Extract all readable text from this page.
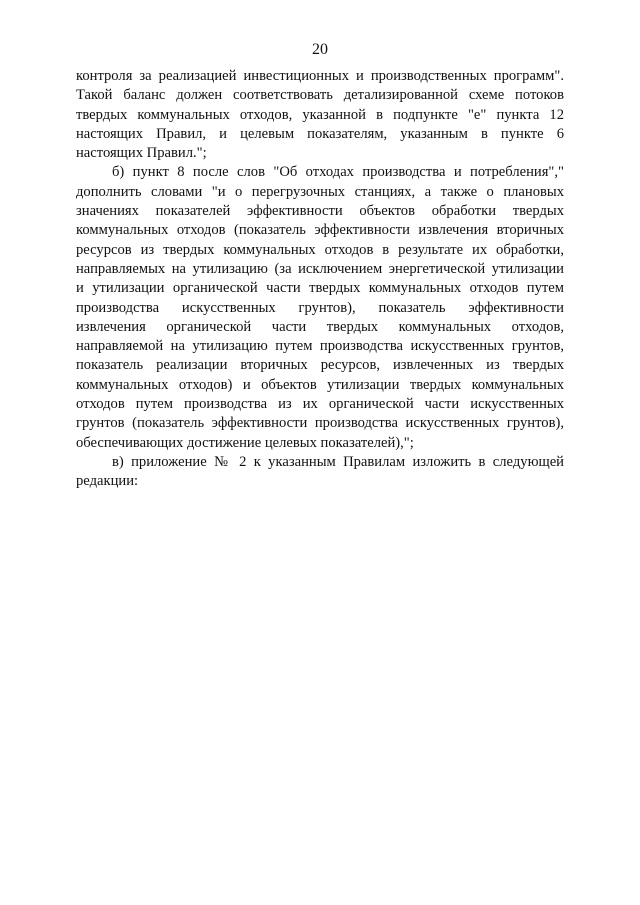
20
контроля за реализацией инвестиционных и производственных программ".
Такой баланс должен соответствовать детализированной схеме потоков
твердых коммунальных отходов, указанной в подпункте "е" пункта 12
настоящих Правил, и целевым показателям, указанным в пункте 6
настоящих Правил.";
б) пункт 8 после слов "Об отходах производства и потребления","
дополнить словами "и о перегрузочных станциях, а также о плановых
значениях показателей эффективности объектов обработки твердых
коммунальных отходов (показатель эффективности извлечения вторичных
ресурсов из твердых коммунальных отходов в результате их обработки,
направляемых на утилизацию (за исключением энергетической утилизации
и утилизации органической части твердых коммунальных отходов путем
производства искусственных грунтов), показатель эффективности
извлечения органической части твердых коммунальных отходов,
направляемой на утилизацию путем производства искусственных грунтов,
показатель реализации вторичных ресурсов, извлеченных из твердых
коммунальных отходов) и объектов утилизации твердых коммунальных
отходов путем производства из их органической части искусственных
грунтов (показатель эффективности производства искусственных грунтов),
обеспечивающих достижение целевых показателей),";
в) приложение № 2 к указанным Правилам изложить в следующей
редакции:
